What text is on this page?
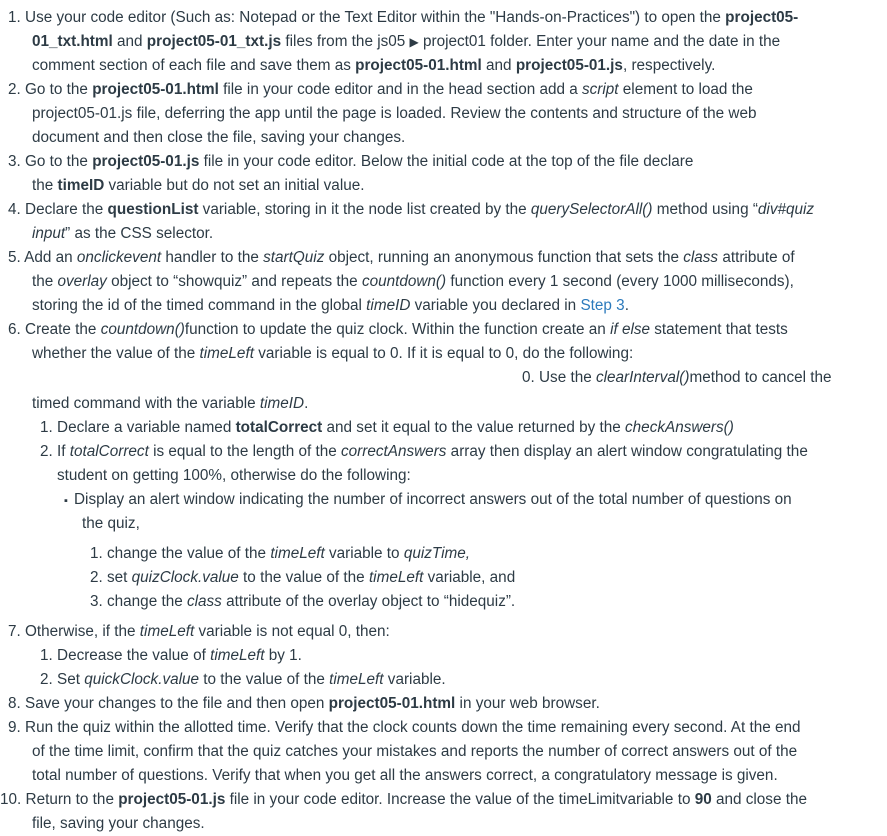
1. Use your code editor (Such as: Notepad or the Text Editor within the "Hands-on-Practices") to open the project05-
01_txt.html and project05-01_txt.js files from the js05 ▶ project01 folder. Enter your name and the date in the
comment section of each file and save them as project05-01.html and project05-01.js, respectively.
2. Go to the project05-01.html file in your code editor and in the head section add a script element to load the
project05-01.js file, deferring the app until the page is loaded. Review the contents and structure of the web
document and then close the file, saving your changes.
3. Go to the project05-01.js file in your code editor. Below the initial code at the top of the file declare
the timeID variable but do not set an initial value.
4. Declare the questionList variable, storing in it the node list created by the querySelectorAll() method using “div#quiz
input” as the CSS selector.
5. Add an onclickevent handler to the startQuiz object, running an anonymous function that sets the class attribute of
the overlay object to “showquiz” and repeats the countdown() function every 1 second (every 1000 milliseconds),
storing the id of the timed command in the global timeID variable you declared in Step 3.
6. Create the countdown()function to update the quiz clock. Within the function create an if else statement that tests
whether the value of the timeLeft variable is equal to 0. If it is equal to 0, do the following:
0. Use the clearInterval()method to cancel the
timed command with the variable timeID.
1. Declare a variable named totalCorrect and set it equal to the value returned by the checkAnswers()
2. If totalCorrect is equal to the length of the correctAnswers array then display an alert window congratulating the
student on getting 100%, otherwise do the following:
▪ Display an alert window indicating the number of incorrect answers out of the total number of questions on
the quiz,
1. change the value of the timeLeft variable to quizTime,
2. set quizClock.value to the value of the timeLeft variable, and
3. change the class attribute of the overlay object to “hidequiz”.
7. Otherwise, if the timeLeft variable is not equal 0, then:
1. Decrease the value of timeLeft by 1.
2. Set quickClock.value to the value of the timeLeft variable.
8. Save your changes to the file and then open project05-01.html in your web browser.
9. Run the quiz within the allotted time. Verify that the clock counts down the time remaining every second. At the end
of the time limit, confirm that the quiz catches your mistakes and reports the number of correct answers out of the
total number of questions. Verify that when you get all the answers correct, a congratulatory message is given.
10. Return to the project05-01.js file in your code editor. Increase the value of the timeLimitvariable to 90 and close the
file, saving your changes.
